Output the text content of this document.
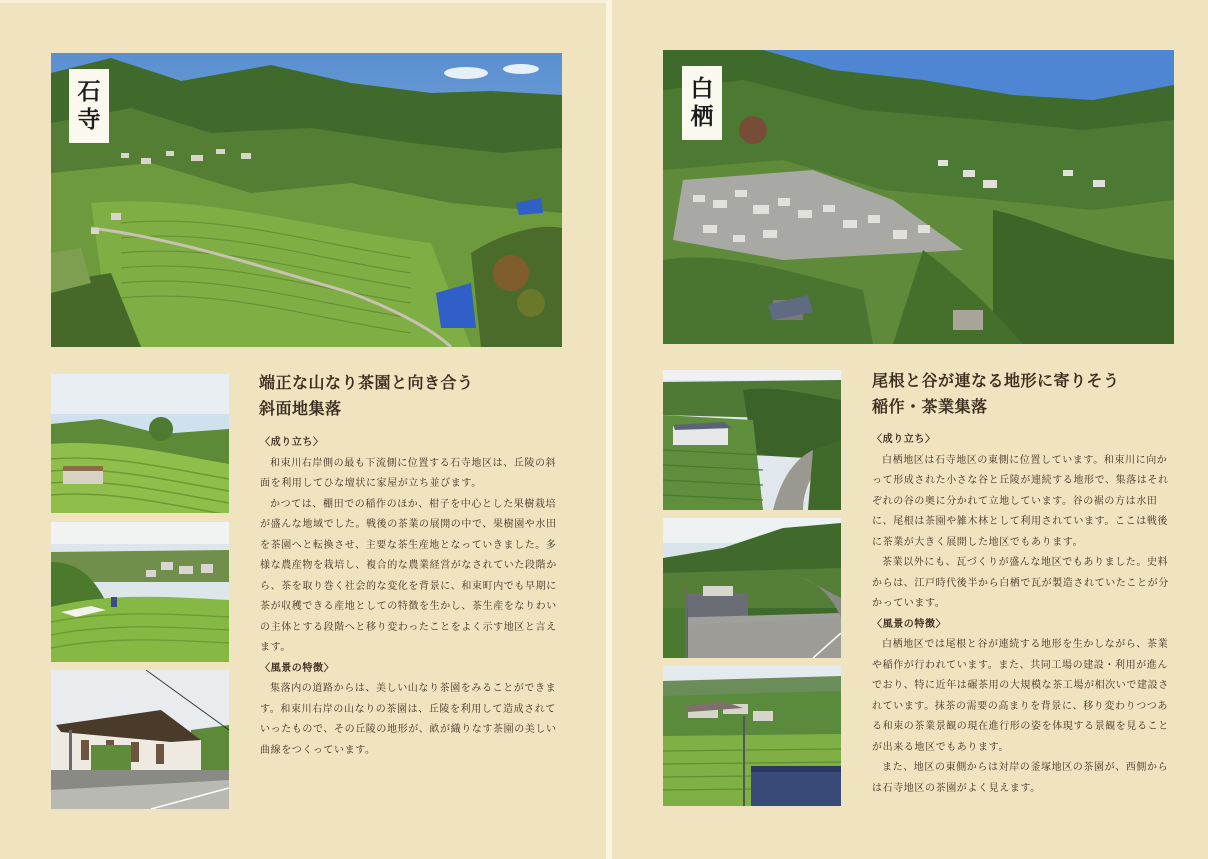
石
寺
端正な山なり茶園と向き合う
斜面地集落

〈成り立ち〉

和束川右岸側の最も下流側に位置する石寺地区は、丘陵の斜面を利用してひな壇状に家屋が立ち並びます。

かつては、棚田での稲作のほか、柑子を中心とした果樹栽培が盛んな地域でした。戦後の茶業の展開の中で、果樹園や水田を茶園へと転換させ、主要な茶生産地となっていきました。多様な農産物を栽培し、複合的な農業経営がなされていた段階から、茶を取り巻く社会的な変化を背景に、和束町内でも早期に茶が収穫できる産地としての特徴を生かし、茶生産をなりわいの主体とする段階へと移り変わったことをよく示す地区と言えます。

〈風景の特徴〉

集落内の道路からは、美しい山なり茶園をみることができます。和束川右岸の山なりの茶園は、丘陵を利用して造成されていったもので、その丘陵の地形が、畝が織りなす茶園の美しい曲線をつくっています。

白
栖
尾根と谷が連なる地形に寄りそう
稲作・茶業集落

〈成り立ち〉

白栖地区は石寺地区の東側に位置しています。和束川に向かって形成された小さな谷と丘陵が連続する地形で、集落はそれぞれの谷の奥に分かれて立地しています。谷の裾の方は水田に、尾根は茶園や雑木林として利用されています。ここは戦後に茶業が大きく展開した地区でもあります。

茶業以外にも、瓦づくりが盛んな地区でもありました。史料からは、江戸時代後半から白栖で瓦が製造されていたことが分かっています。

〈風景の特徴〉

白栖地区では尾根と谷が連続する地形を生かしながら、茶業や稲作が行われています。また、共同工場の建設・利用が進んでおり、特に近年は碾茶用の大規模な茶工場が相次いで建設されています。抹茶の需要の高まりを背景に、移り変わりつつある和束の茶業景観の現在進行形の姿を体現する景観を見ることが出来る地区でもあります。

また、地区の東側からは対岸の釜塚地区の茶園が、西側からは石寺地区の茶園がよく見えます。
